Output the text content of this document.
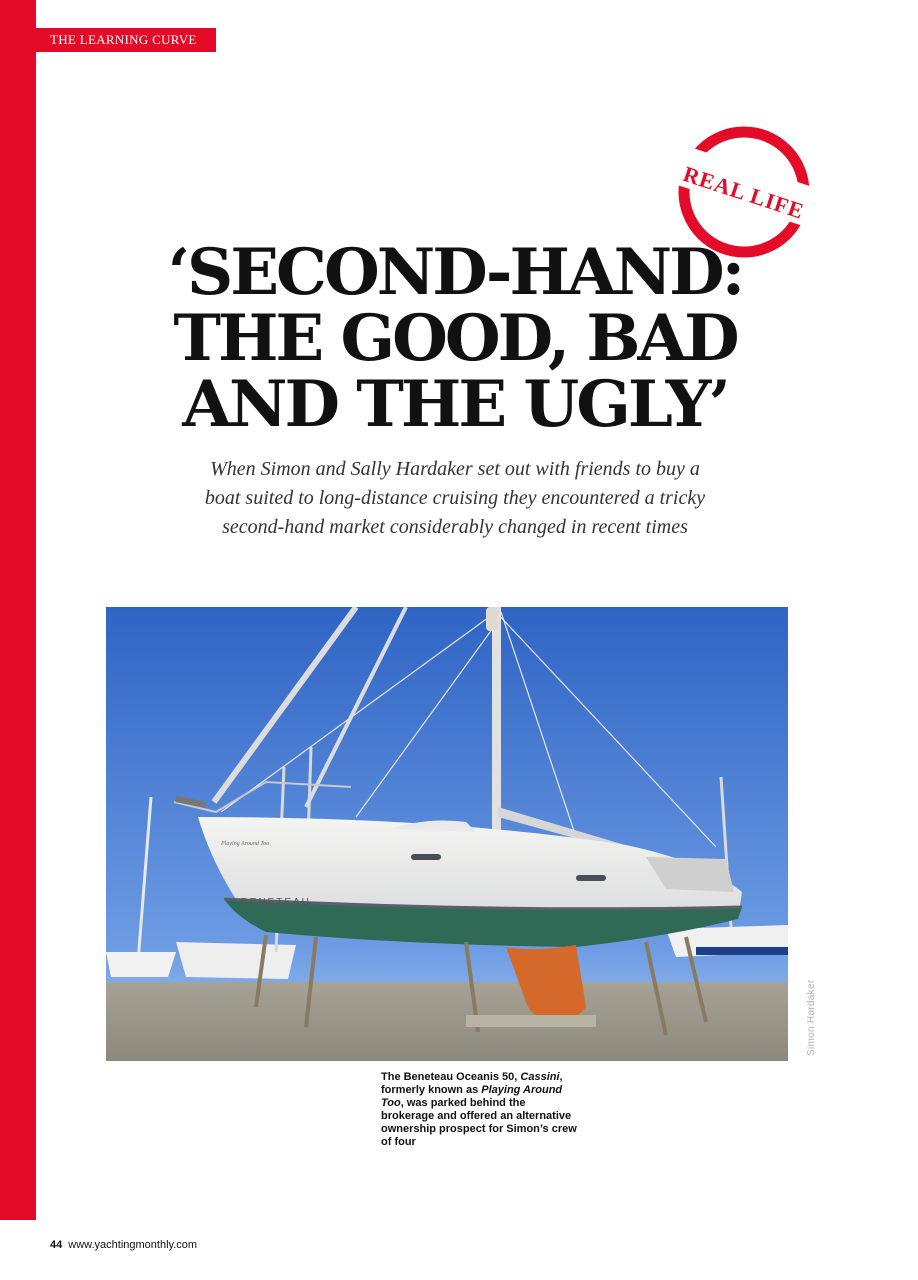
THE LEARNING CURVE
REAL LIFE
‘SECOND-HAND:
THE GOOD, BAD
AND THE UGLY’

When Simon and Sally Hardaker set out with friends to buy a
boat suited to long-distance cruising they encountered a tricky
second-hand market considerably changed in recent times

BENETEAU
Playing Around Too
Simon Hardaker
The Beneteau Oceanis 50, Cassini, formerly known as Playing Around Too, was parked behind the brokerage and offered an alternative ownership prospect for Simon’s crew of four
44 www.yachtingmonthly.com
